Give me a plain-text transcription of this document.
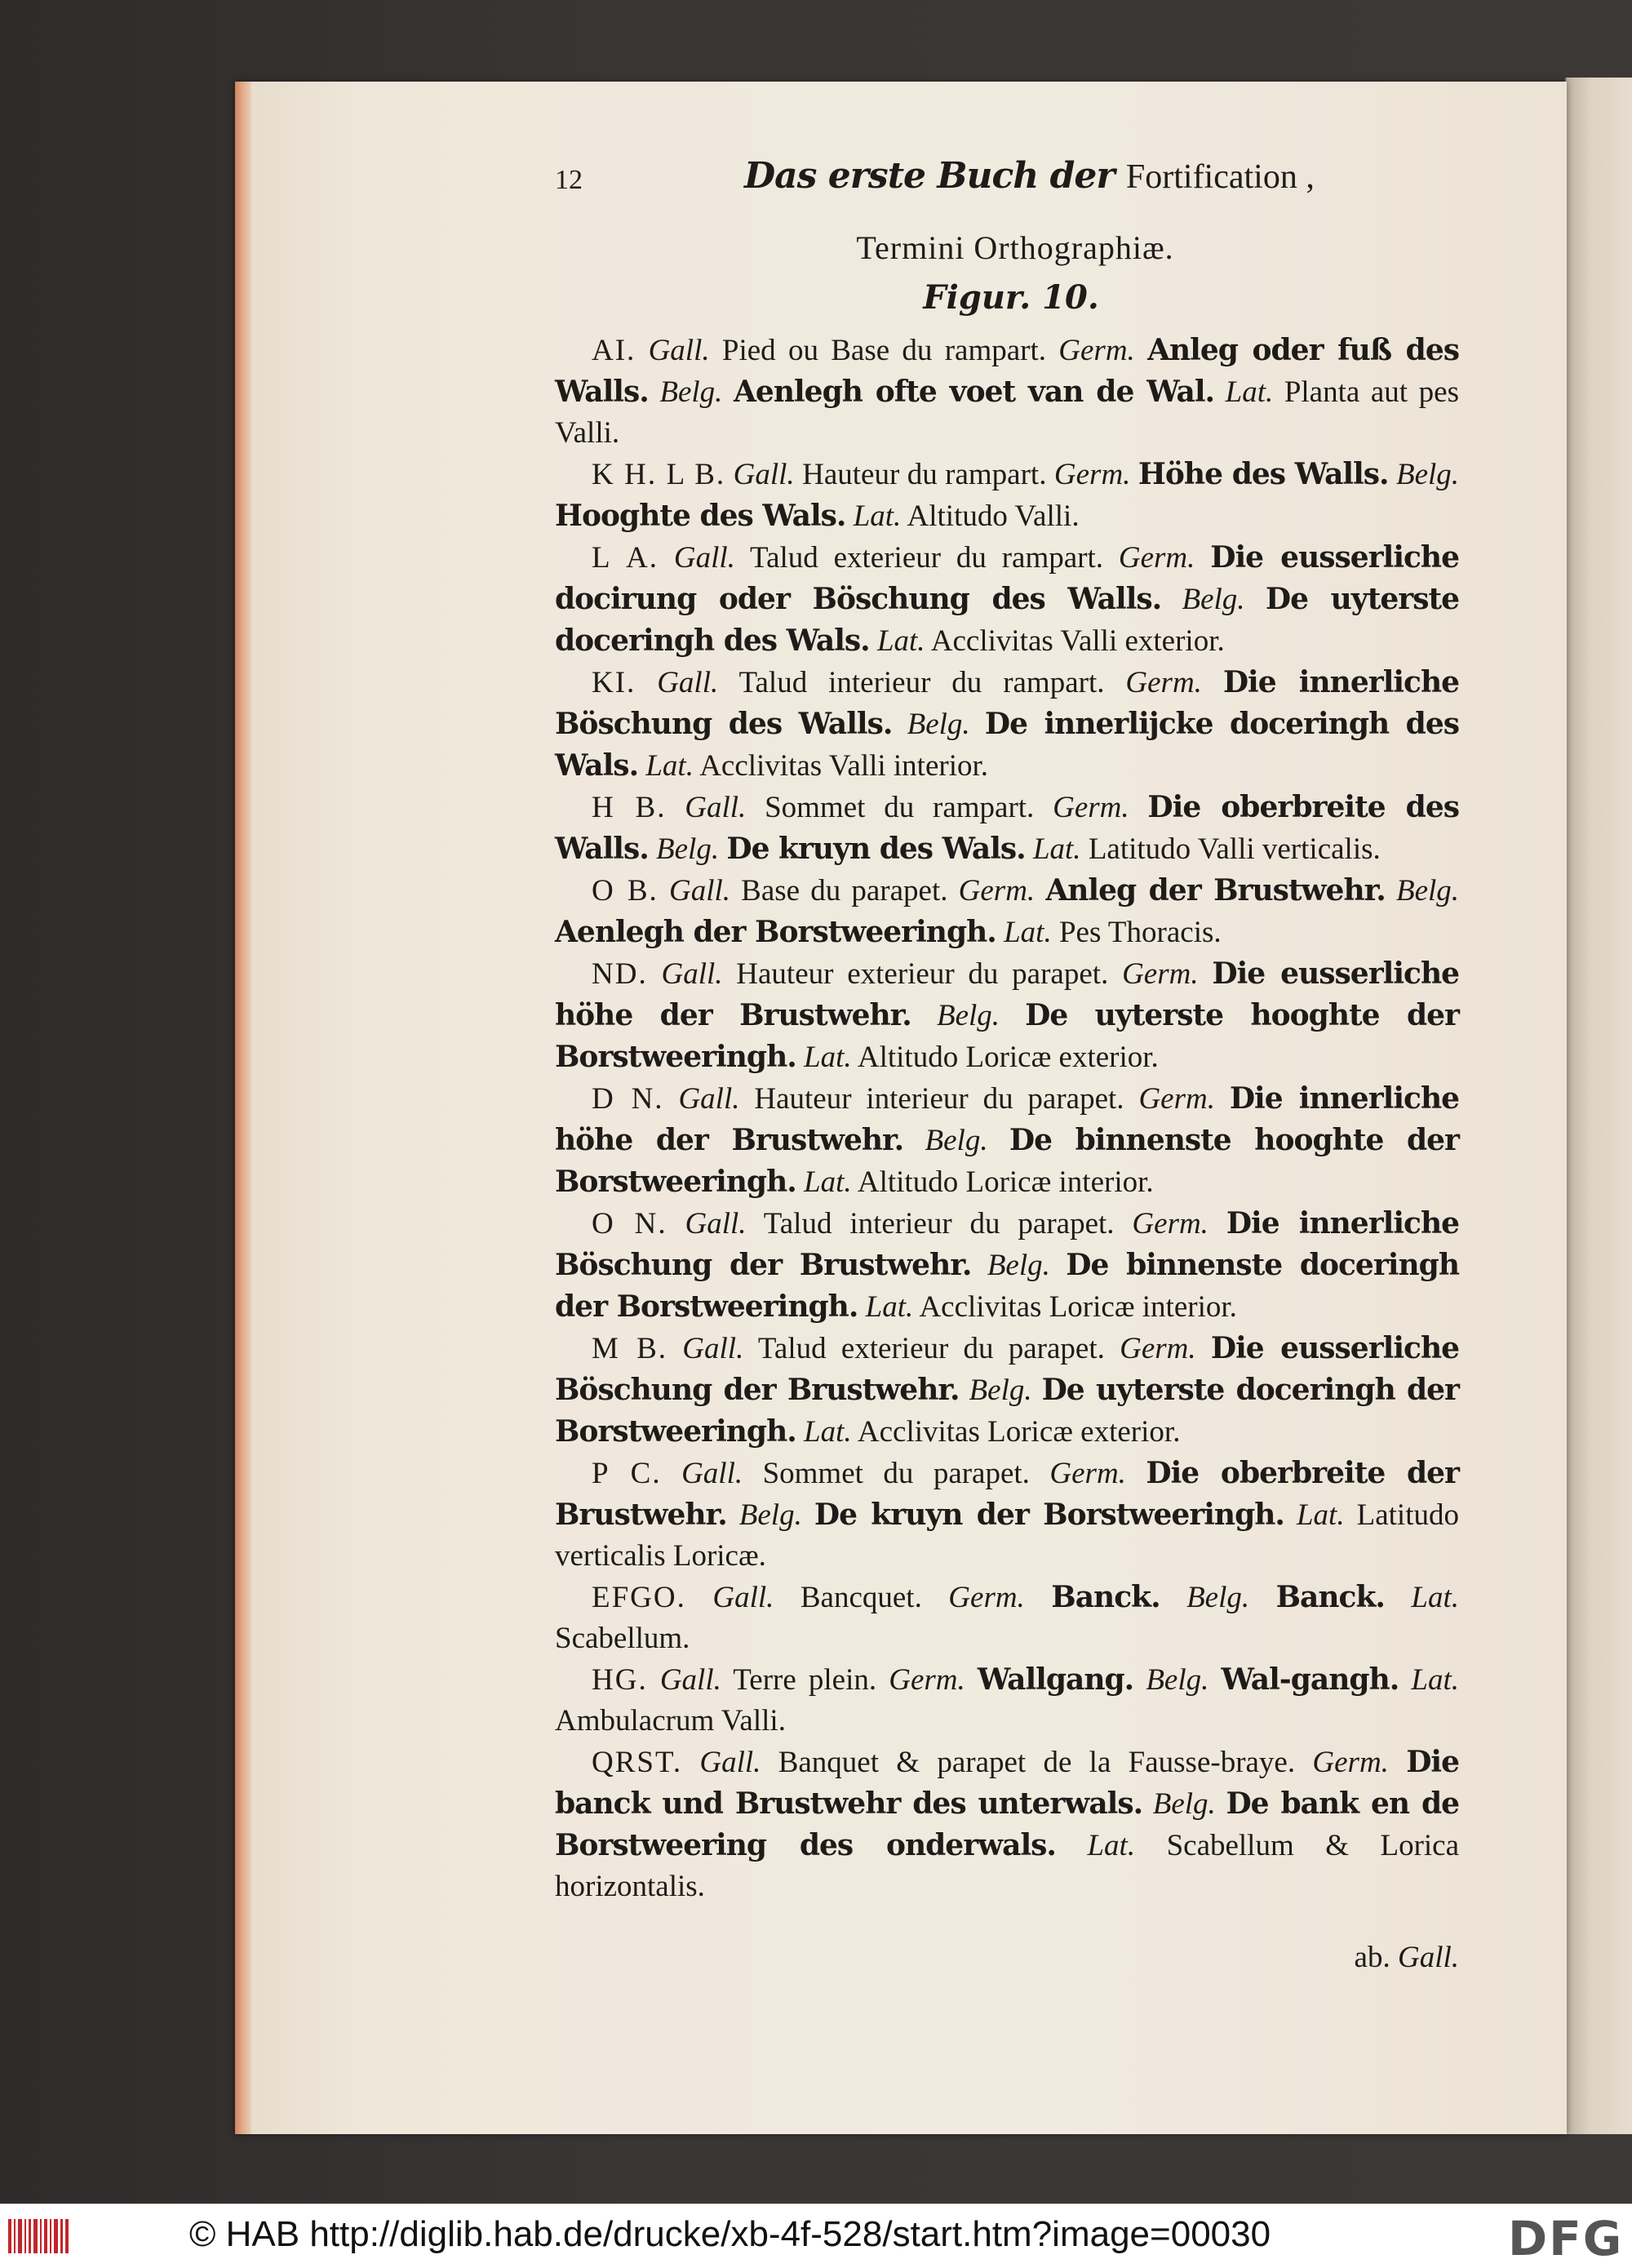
12	Das erste Buch der Fortification ,
Termini Orthographiæ.
Figur. 10.

AI. Gall. Pied ou Base du rampart. Germ. Anleg oder fuß des Walls. Belg. Aenlegh ofte voet van de Wal. Lat. Planta aut pes Valli.

K H. L B. Gall. Hauteur du rampart. Germ. Höhe des Walls. Belg. Hooghte des Wals. Lat. Altitudo Valli.

L A. Gall. Talud exterieur du rampart. Germ. Die eusserliche docirung oder Böschung des Walls. Belg. De uyterste doceringh des Wals. Lat. Acclivitas Valli exterior.

KI. Gall. Talud interieur du rampart. Germ. Die innerliche Böschung des Walls. Belg. De innerlijcke doceringh des Wals. Lat. Acclivitas Valli interior.

H B. Gall. Sommet du rampart. Germ. Die oberbreite des Walls. Belg. De kruyn des Wals. Lat. Latitudo Valli verticalis.

O B. Gall. Base du parapet. Germ. Anleg der Brustwehr. Belg. Aenlegh der Borstweeringh. Lat. Pes Thoracis.

ND. Gall. Hauteur exterieur du parapet. Germ. Die eusserliche höhe der Brustwehr. Belg. De uyterste hooghte der Borstweeringh. Lat. Altitudo Loricæ exterior.

D N. Gall. Hauteur interieur du parapet. Germ. Die innerliche höhe der Brustwehr. Belg. De binnenste hooghte der Borstweeringh. Lat. Altitudo Loricæ interior.

O N. Gall. Talud interieur du parapet. Germ. Die innerliche Böschung der Brustwehr. Belg. De binnenste doceringh der Borstweeringh. Lat. Acclivitas Loricæ interior.

M B. Gall. Talud exterieur du parapet. Germ. Die eusserliche Böschung der Brustwehr. Belg. De uyterste doceringh der Borstweeringh. Lat. Acclivitas Loricæ exterior.

P C. Gall. Sommet du parapet. Germ. Die oberbreite der Brustwehr. Belg. De kruyn der Borstweeringh. Lat. Latitudo verticalis Loricæ.

EFGO. Gall. Bancquet. Germ. Banck. Belg. Banck. Lat. Scabellum.

HG. Gall. Terre plein. Germ. Wallgang. Belg. Wal-gangh. Lat. Ambulacrum Valli.

QRST. Gall. Banquet & parapet de la Fausse-braye. Germ. Die banck und Brustwehr des unterwals. Belg. De bank en de Borstweering des onderwals. Lat. Scabellum & Lorica horizontalis.

ab. Gall.

© HAB http://diglib.hab.de/drucke/xb-4f-528/start.htm?image=00030	DFG
